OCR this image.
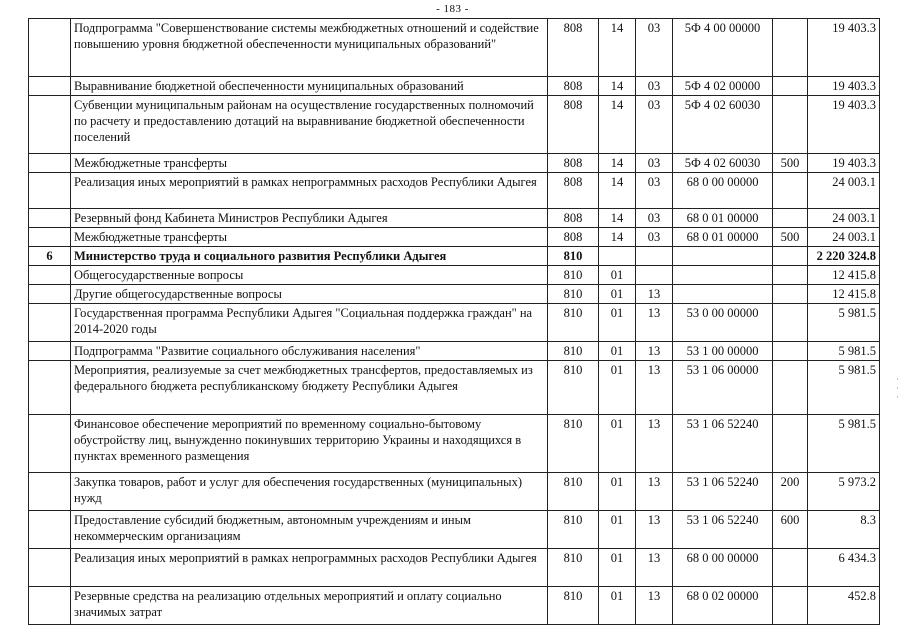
- 183 -
	Подпрограмма "Совершенствование системы межбюджетных отношений и содействие повышению уровня бюджетной обеспеченности муниципальных образований"	808	14	03	5Ф 4 00 00000		19 403.3
	Выравнивание бюджетной обеспеченности муниципальных образований	808	14	03	5Ф 4 02 00000		19 403.3
	Субвенции муниципальным районам на осуществление государственных полномочий по расчету и предоставлению дотаций на выравнивание бюджетной обеспеченности поселений	808	14	03	5Ф 4 02 60030		19 403.3
	Межбюджетные трансферты	808	14	03	5Ф 4 02 60030	500	19 403.3
	Реализация иных мероприятий в рамках непрограммных расходов Республики Адыгея	808	14	03	68 0 00 00000		24 003.1
	Резервный фонд Кабинета Министров Республики Адыгея	808	14	03	68 0 01 00000		24 003.1
	Межбюджетные трансферты	808	14	03	68 0 01 00000	500	24 003.1
6	Министерство труда и социального развития Республики Адыгея	810					2 220 324.8
	Общегосударственные вопросы	810	01				12 415.8
	Другие общегосударственные вопросы	810	01	13			12 415.8
	Государственная программа Республики Адыгея "Социальная поддержка граждан" на 2014-2020 годы	810	01	13	53 0 00 00000		5 981.5
	Подпрограмма "Развитие социального обслуживания населения"	810	01	13	53 1 00 00000		5 981.5
	Мероприятия, реализуемые за счет межбюджетных трансфертов, предоставляемых из федерального бюджета республиканскому бюджету Республики Адыгея	810	01	13	53 1 06 00000		5 981.5
	Финансовое обеспечение мероприятий по временному социально-бытовому обустройству лиц, вынужденно покинувших территорию Украины и находящихся в пунктах временного размещения	810	01	13	53 1 06 52240		5 981.5
	Закупка товаров, работ и услуг для обеспечения государственных (муниципальных) нужд	810	01	13	53 1 06 52240	200	5 973.2
	Предоставление субсидий бюджетным, автономным учреждениям и иным некоммерческим организациям	810	01	13	53 1 06 52240	600	8.3
	Реализация иных мероприятий в рамках непрограммных расходов Республики Адыгея	810	01	13	68 0 00 00000		6 434.3
	Резервные средства на реализацию отдельных мероприятий и оплату социально значимых затрат	810	01	13	68 0 02 00000		452.8
·
·
·
